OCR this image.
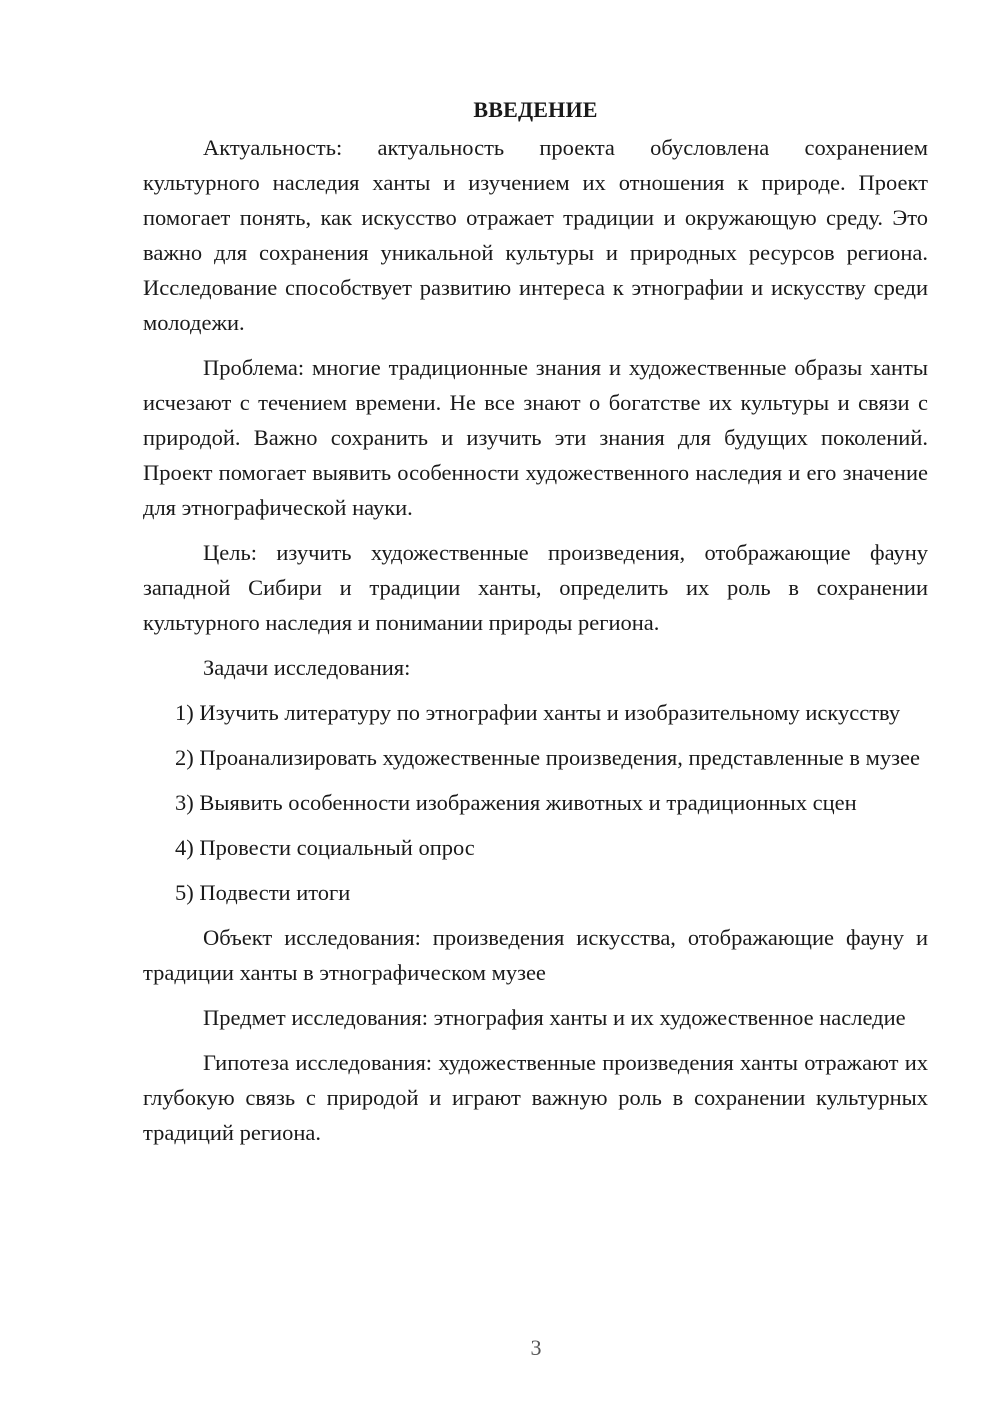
ВВЕДЕНИЕ

Актуальность: актуальность проекта обусловлена сохранением культурного наследия ханты и изучением их отношения к природе. Проект помогает понять, как искусство отражает традиции и окружающую среду. Это важно для сохранения уникальной культуры и природных ресурсов региона. Исследование способствует развитию интереса к этнографии и искусству среди молодежи.

Проблема: многие традиционные знания и художественные образы ханты исчезают с течением времени. Не все знают о богатстве их культуры и связи с природой. Важно сохранить и изучить эти знания для будущих поколений. Проект помогает выявить особенности художественного наследия и его значение для этнографической науки.

Цель: изучить художественные произведения, отображающие фауну западной Сибири и традиции ханты, определить их роль в сохранении культурного наследия и понимании природы региона.

Задачи исследования:

1) Изучить литературу по этнографии ханты и изобразительному искусству

2) Проанализировать художественные произведения, представленные в музее

3) Выявить особенности изображения животных и традиционных сцен

4) Провести социальный опрос

5) Подвести итоги

Объект исследования: произведения искусства, отображающие фауну и традиции ханты в этнографическом музее

Предмет исследования: этнография ханты и их художественное наследие

Гипотеза исследования: художественные произведения ханты отражают их глубокую связь с природой и играют важную роль в сохранении культурных традиций региона.

3
